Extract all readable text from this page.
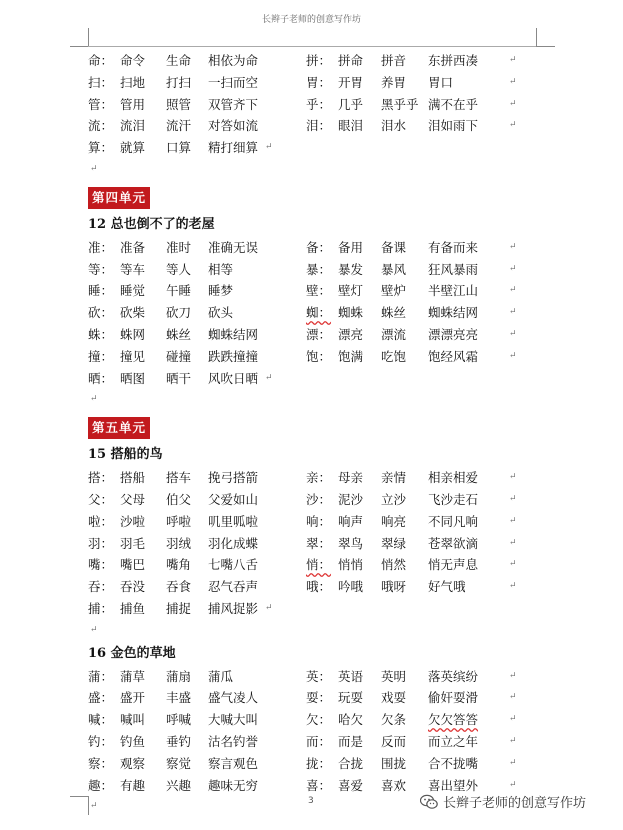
长辫子老师的创意写作坊
命： 命令 生命 相依为命	拼： 拼命 拼音 东拼西凑	↵
扫： 扫地 打扫 一扫而空	胃： 开胃 养胃 胃口	↵
管： 管用 照管 双管齐下	乎： 几乎 黑乎乎 满不在乎	↵
流： 流泪 流汗 对答如流	泪： 眼泪 泪水 泪如雨下	↵
算： 就算 口算 精打细算 ↵
↵
第四单元
12 总也倒不了的老屋
准： 准备 准时 准确无误	备： 备用 备课 有备而来	↵
等： 等车 等人 相等	暴： 暴发 暴风 狂风暴雨	↵
睡： 睡觉 午睡 睡梦	壁： 壁灯 壁炉 半壁江山	↵
砍： 砍柴 砍刀 砍头	蜘： 蜘蛛 蛛丝 蜘蛛结网	↵
蛛： 蛛网 蛛丝 蜘蛛结网	漂： 漂亮 漂流 漂漂亮亮	↵
撞： 撞见 碰撞 跌跌撞撞	饱： 饱满 吃饱 饱经风霜	↵
晒： 晒图 晒干 风吹日晒 ↵
↵
第五单元
15 搭船的鸟
搭： 搭船 搭车 挽弓搭箭	亲： 母亲 亲情 相亲相爱	↵
父： 父母 伯父 父爱如山	沙： 泥沙 立沙 飞沙走石	↵
啦： 沙啦 呼啦 叽里呱啦	响： 响声 响亮 不同凡响	↵
羽： 羽毛 羽绒 羽化成蝶	翠： 翠鸟 翠绿 苍翠欲滴	↵
嘴： 嘴巴 嘴角 七嘴八舌	悄： 悄悄 悄然 悄无声息	↵
吞： 吞没 吞食 忍气吞声	哦： 吟哦 哦呀 好气哦	↵
捕： 捕鱼 捕捉 捕风捉影 ↵
↵
16 金色的草地
蒲： 蒲草 蒲扇 蒲瓜	英： 英语 英明 落英缤纷	↵
盛： 盛开 丰盛 盛气凌人	耍： 玩耍 戏耍 偷奸耍滑	↵
喊： 喊叫 呼喊 大喊大叫	欠： 哈欠 欠条 欠欠答答	↵
钓： 钓鱼 垂钓 沽名钓誉	而： 而是 反而 而立之年	↵
察： 观察 察觉 察言观色	拢： 合拢 围拢 合不拢嘴	↵
趣： 有趣 兴趣 趣味无穷	喜： 喜爱 喜欢 喜出望外	↵
↵
3	长辫子老师的创意写作坊
